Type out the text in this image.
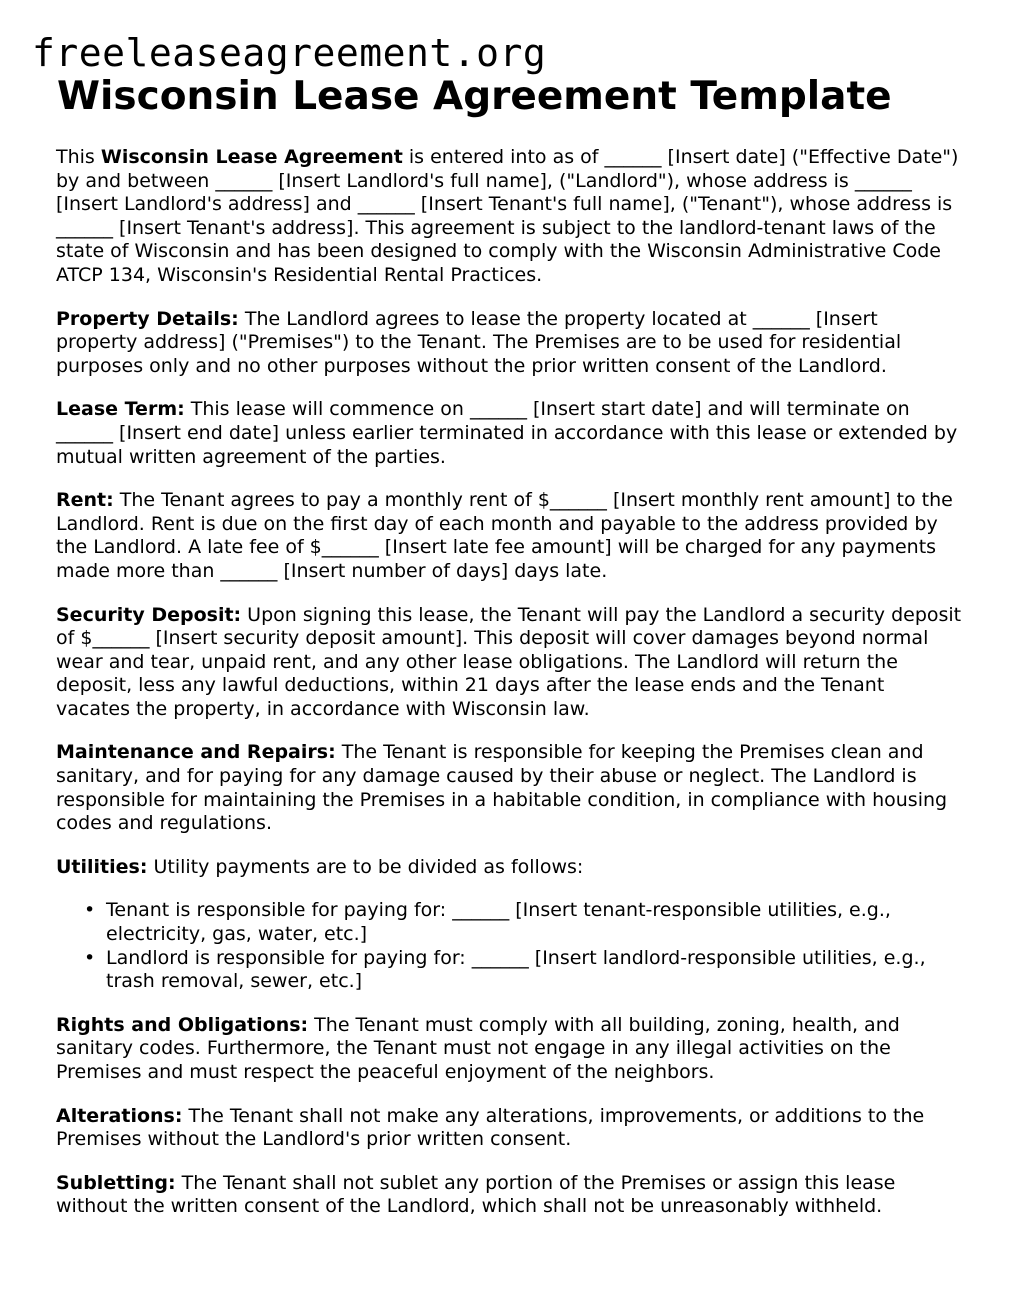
freeleaseagreement.org
Wisconsin Lease Agreement Template

This Wisconsin Lease Agreement is entered into as of ______ [Insert date] ("Effective Date") by and between ______ [Insert Landlord's full name], ("Landlord"), whose address is ______ [Insert Landlord's address] and ______ [Insert Tenant's full name], ("Tenant"), whose address is ______ [Insert Tenant's address]. This agreement is subject to the landlord-tenant laws of the state of Wisconsin and has been designed to comply with the Wisconsin Administrative Code ATCP 134, Wisconsin's Residential Rental Practices.

Property Details: The Landlord agrees to lease the property located at ______ [Insert property address] ("Premises") to the Tenant. The Premises are to be used for residential purposes only and no other purposes without the prior written consent of the Landlord.

Lease Term: This lease will commence on ______ [Insert start date] and will terminate on ______ [Insert end date] unless earlier terminated in accordance with this lease or extended by mutual written agreement of the parties.

Rent: The Tenant agrees to pay a monthly rent of $______ [Insert monthly rent amount] to the Landlord. Rent is due on the first day of each month and payable to the address provided by the Landlord. A late fee of $______ [Insert late fee amount] will be charged for any payments made more than ______ [Insert number of days] days late.

Security Deposit: Upon signing this lease, the Tenant will pay the Landlord a security deposit of $______ [Insert security deposit amount]. This deposit will cover damages beyond normal wear and tear, unpaid rent, and any other lease obligations. The Landlord will return the deposit, less any lawful deductions, within 21 days after the lease ends and the Tenant vacates the property, in accordance with Wisconsin law.

Maintenance and Repairs: The Tenant is responsible for keeping the Premises clean and sanitary, and for paying for any damage caused by their abuse or neglect. The Landlord is responsible for maintaining the Premises in a habitable condition, in compliance with housing codes and regulations.

Utilities: Utility payments are to be divided as follows:

• Tenant is responsible for paying for: ______ [Insert tenant-responsible utilities, e.g., electricity, gas, water, etc.]
• Landlord is responsible for paying for: ______ [Insert landlord-responsible utilities, e.g., trash removal, sewer, etc.]

Rights and Obligations: The Tenant must comply with all building, zoning, health, and sanitary codes. Furthermore, the Tenant must not engage in any illegal activities on the Premises and must respect the peaceful enjoyment of the neighbors.

Alterations: The Tenant shall not make any alterations, improvements, or additions to the Premises without the Landlord's prior written consent.

Subletting: The Tenant shall not sublet any portion of the Premises or assign this lease without the written consent of the Landlord, which shall not be unreasonably withheld.
